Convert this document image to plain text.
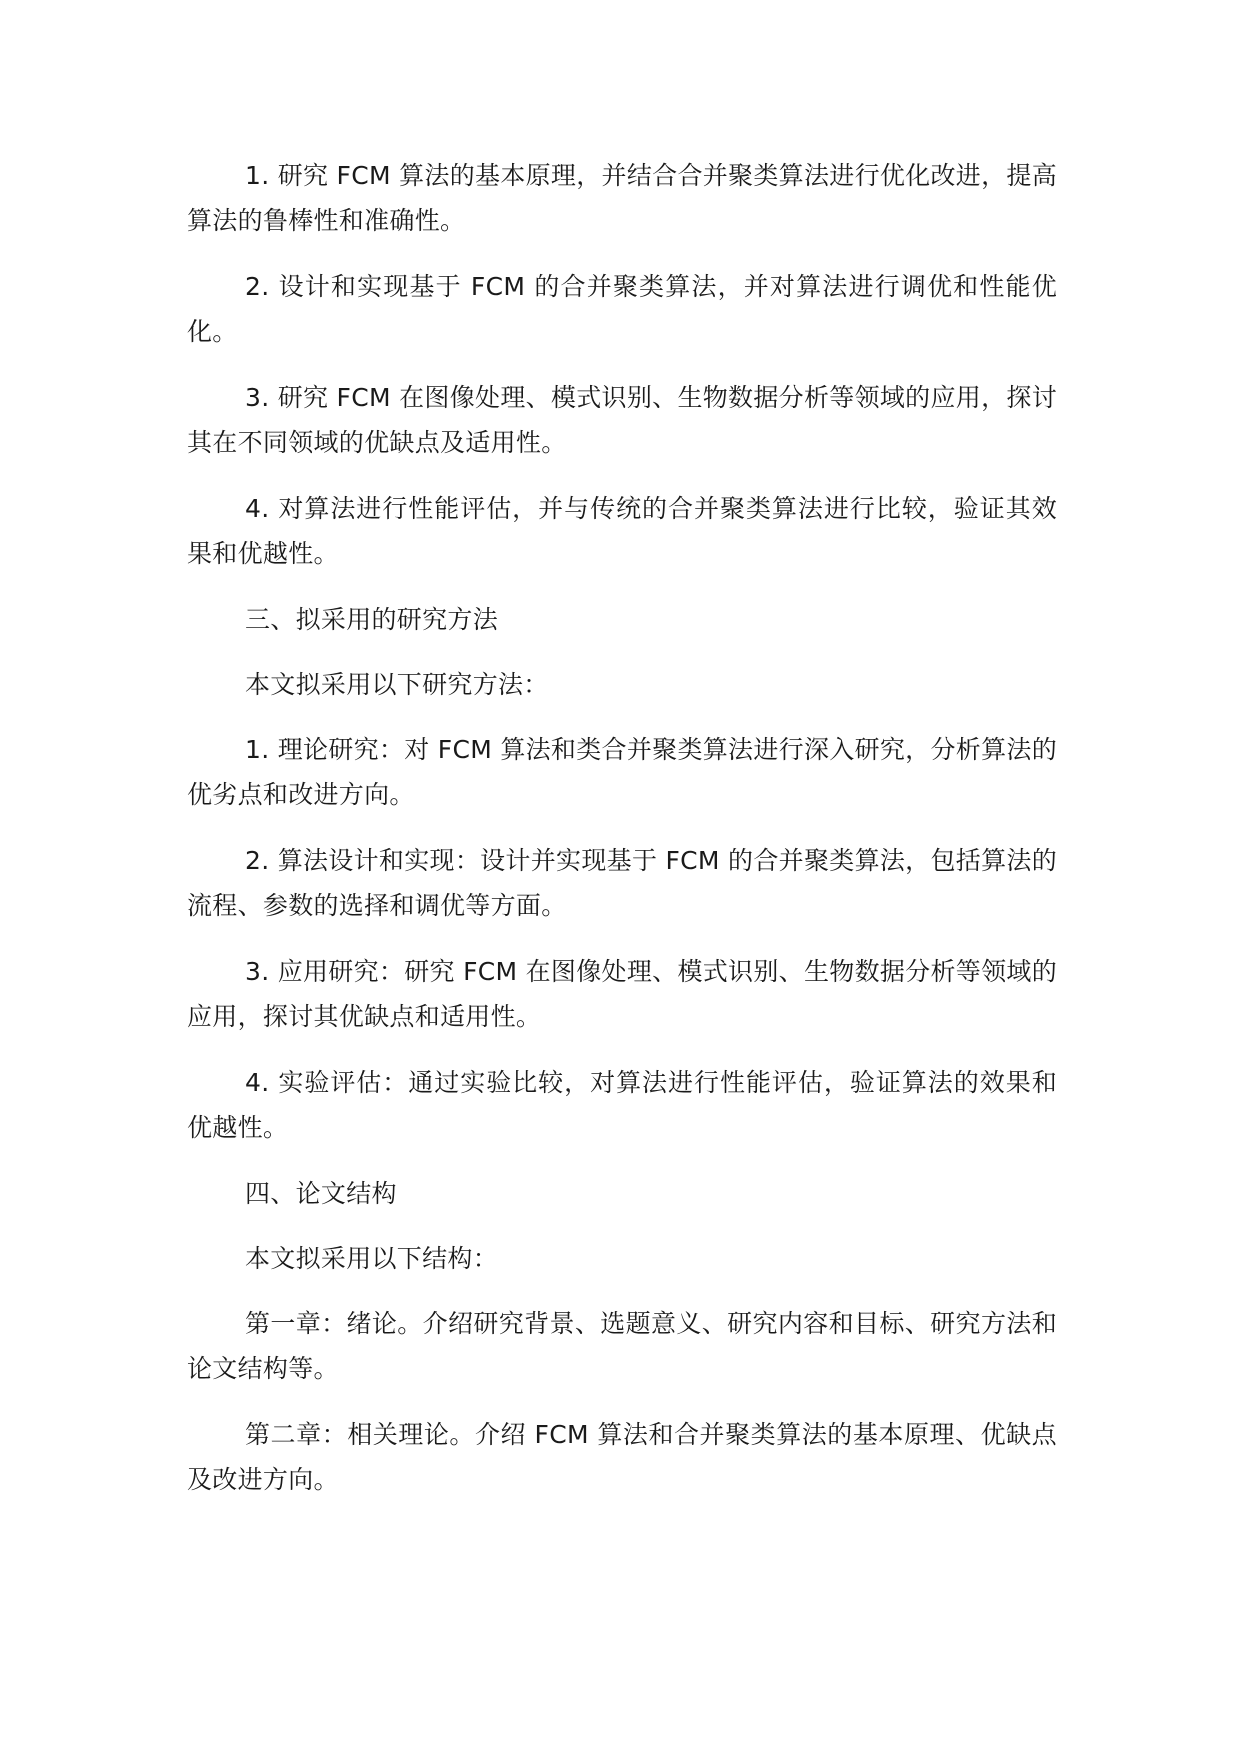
1. 研究 FCM 算法的基本原理，并结合合并聚类算法进行优化改进，提高算法的鲁棒性和准确性。

2. 设计和实现基于 FCM 的合并聚类算法，并对算法进行调优和性能优化。

3. 研究 FCM 在图像处理、模式识别、生物数据分析等领域的应用，探讨其在不同领域的优缺点及适用性。

4. 对算法进行性能评估，并与传统的合并聚类算法进行比较，验证其效果和优越性。

三、拟采用的研究方法

本文拟采用以下研究方法：

1. 理论研究：对 FCM 算法和类合并聚类算法进行深入研究，分析算法的优劣点和改进方向。

2. 算法设计和实现：设计并实现基于 FCM 的合并聚类算法，包括算法的流程、参数的选择和调优等方面。

3. 应用研究：研究 FCM 在图像处理、模式识别、生物数据分析等领域的应用，探讨其优缺点和适用性。

4. 实验评估：通过实验比较，对算法进行性能评估，验证算法的效果和优越性。

四、论文结构

本文拟采用以下结构：

第一章：绪论。介绍研究背景、选题意义、研究内容和目标、研究方法和论文结构等。

第二章：相关理论。介绍 FCM 算法和合并聚类算法的基本原理、优缺点及改进方向。
